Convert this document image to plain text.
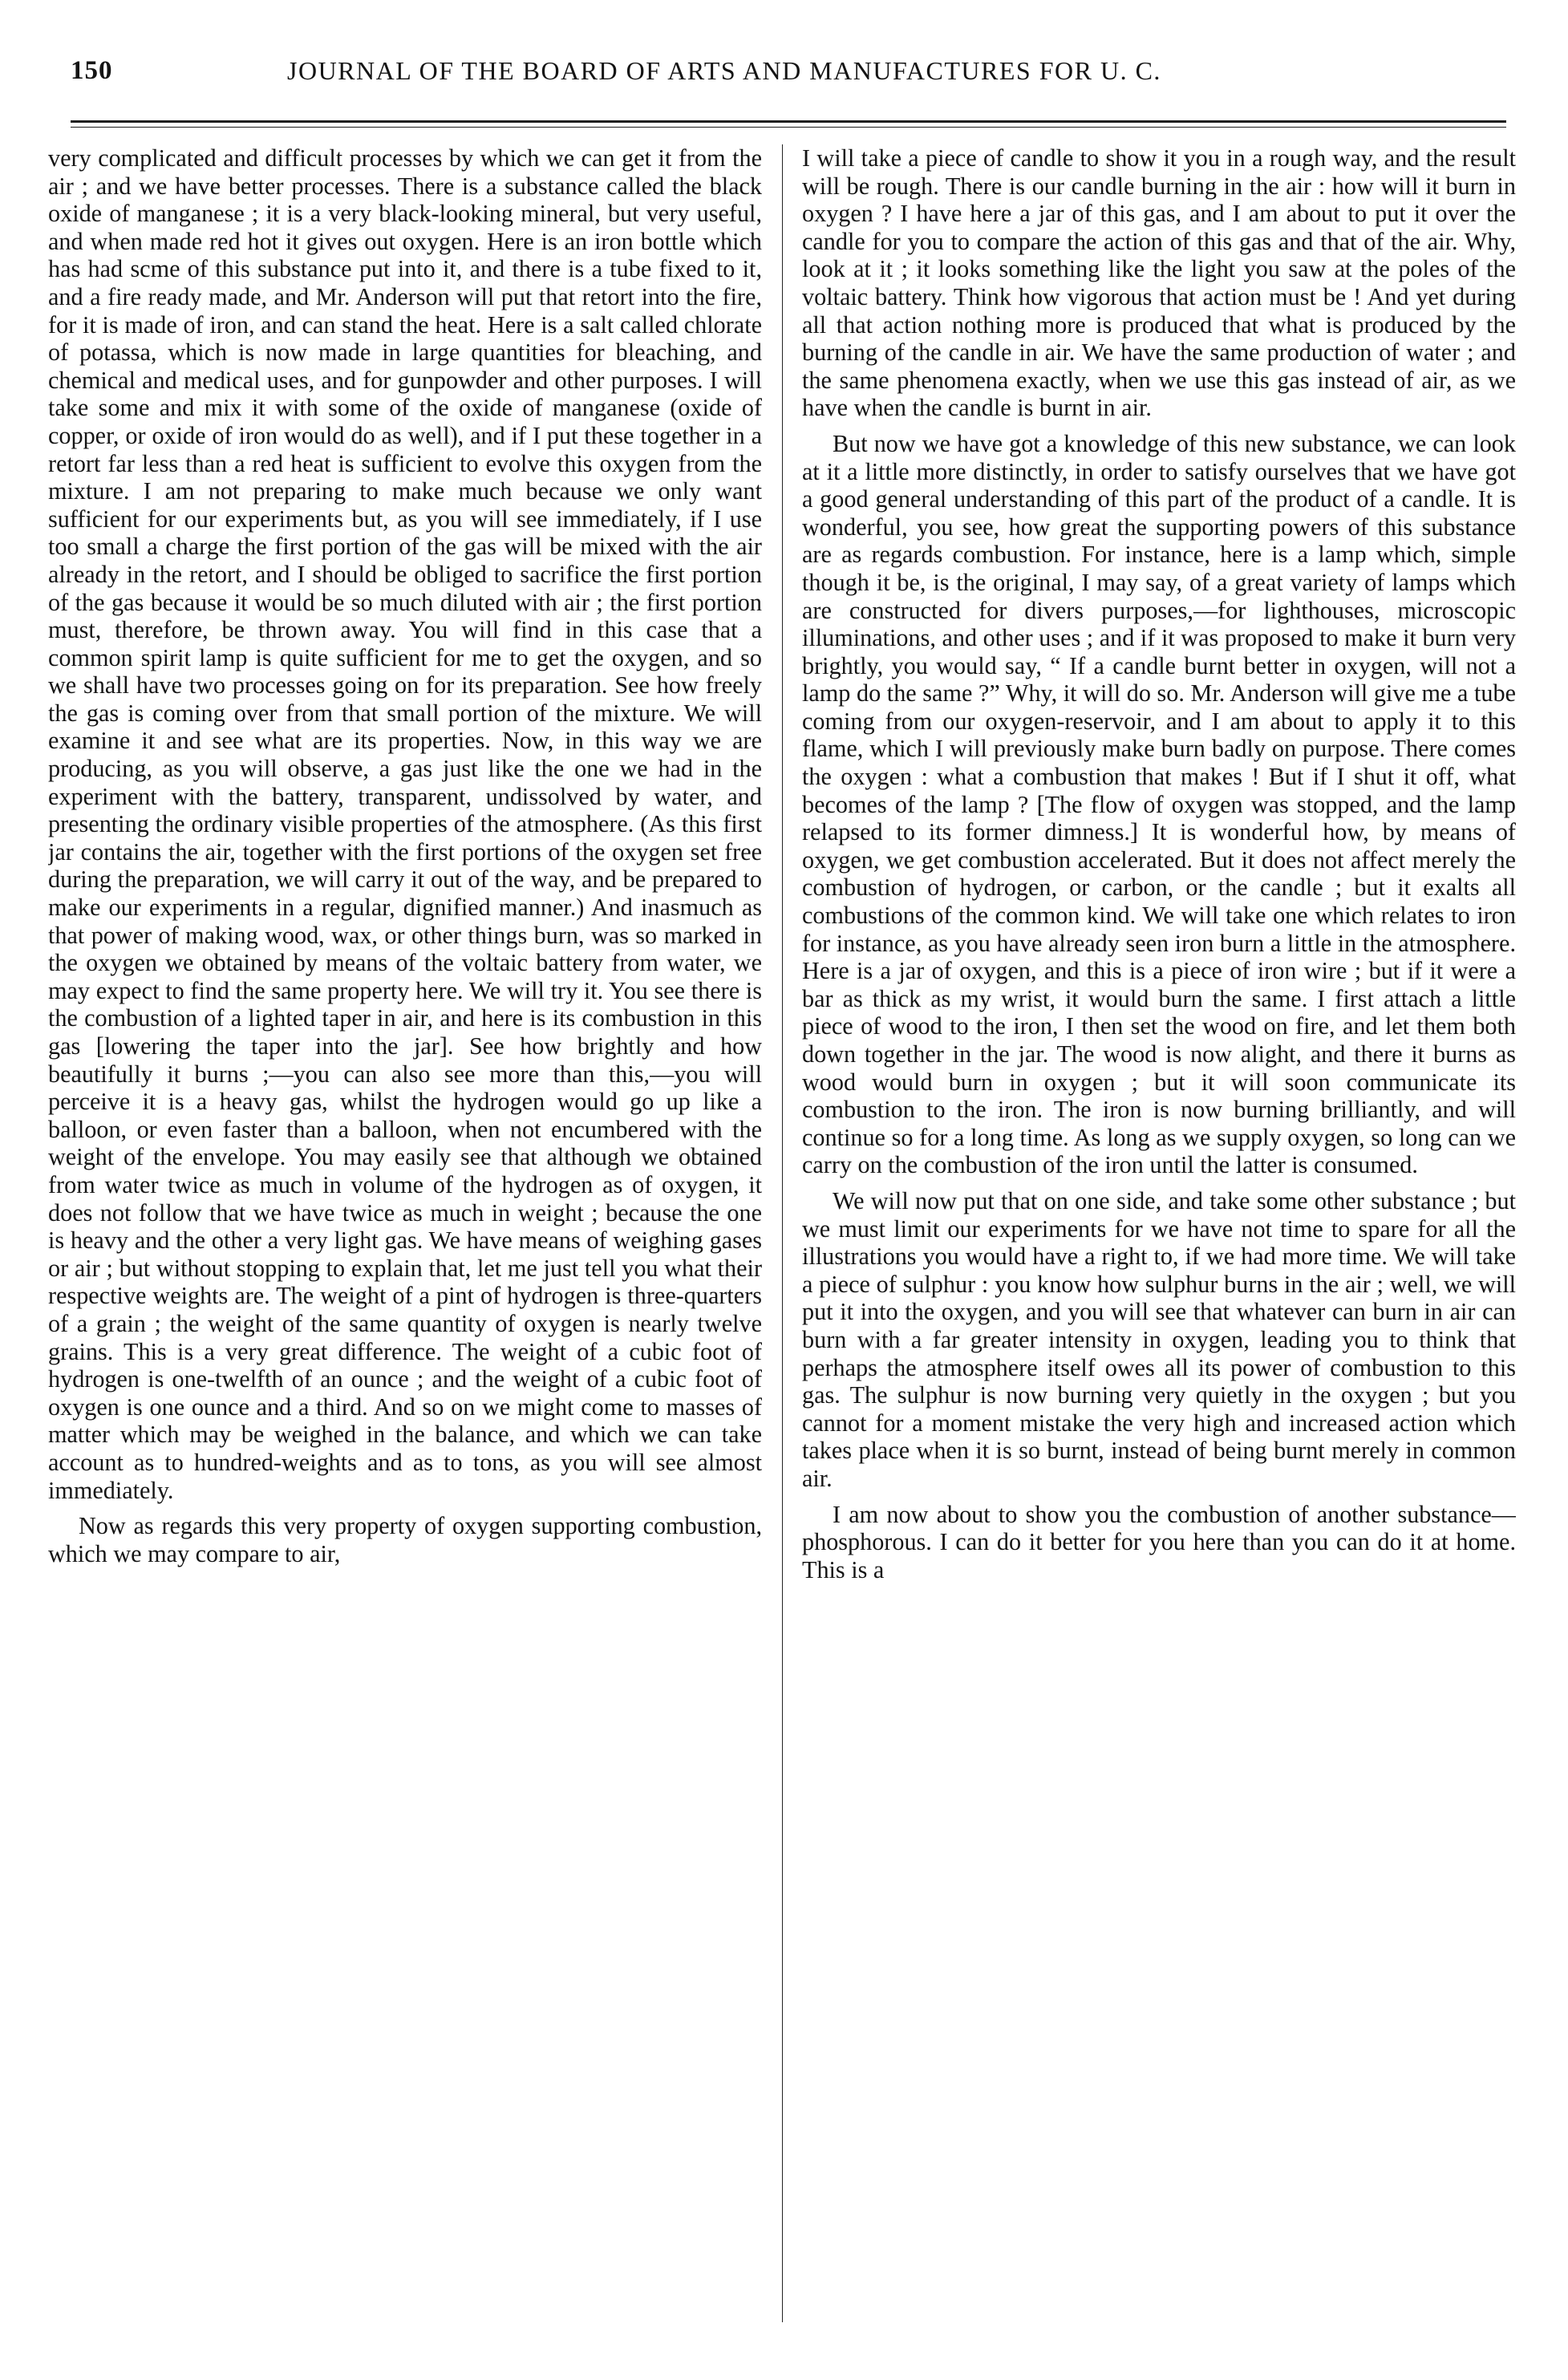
150	JOURNAL OF THE BOARD OF ARTS AND MANUFACTURES FOR U. C.

very complicated and difficult processes by which we can get it from the air ; and we have better processes. There is a substance called the black oxide of manganese ; it is a very black-looking mineral, but very useful, and when made red hot it gives out oxygen. Here is an iron bottle which has had scme of this substance put into it, and there is a tube fixed to it, and a fire ready made, and Mr. Anderson will put that retort into the fire, for it is made of iron, and can stand the heat. Here is a salt called chlorate of potassa, which is now made in large quantities for bleaching, and chemical and medical uses, and for gunpowder and other purposes. I will take some and mix it with some of the oxide of manganese (oxide of copper, or oxide of iron would do as well), and if I put these together in a retort far less than a red heat is sufficient to evolve this oxygen from the mixture. I am not preparing to make much because we only want sufficient for our experiments but, as you will see immediately, if I use too small a charge the first portion of the gas will be mixed with the air already in the retort, and I should be obliged to sacrifice the first portion of the gas because it would be so much diluted with air ; the first portion must, therefore, be thrown away. You will find in this case that a common spirit lamp is quite sufficient for me to get the oxygen, and so we shall have two processes going on for its preparation. See how freely the gas is coming over from that small portion of the mixture. We will examine it and see what are its properties. Now, in this way we are producing, as you will observe, a gas just like the one we had in the experiment with the battery, transparent, undissolved by water, and presenting the ordinary visible properties of the atmosphere. (As this first jar contains the air, together with the first portions of the oxygen set free during the preparation, we will carry it out of the way, and be prepared to make our experiments in a regular, dignified manner.) And inasmuch as that power of making wood, wax, or other things burn, was so marked in the oxygen we obtained by means of the voltaic battery from water, we may expect to find the same property here. We will try it. You see there is the combustion of a lighted taper in air, and here is its combustion in this gas [lowering the taper into the jar]. See how brightly and how beautifully it burns ;—you can also see more than this,—you will perceive it is a heavy gas, whilst the hydrogen would go up like a balloon, or even faster than a balloon, when not encumbered with the weight of the envelope. You may easily see that although we obtained from water twice as much in volume of the hydrogen as of oxygen, it does not follow that we have twice as much in weight ; because the one is heavy and the other a very light gas. We have means of weighing gases or air ; but without stopping to explain that, let me just tell you what their respective weights are. The weight of a pint of hydrogen is three-quarters of a grain ; the weight of the same quantity of oxygen is nearly twelve grains. This is a very great difference. The weight of a cubic foot of hydrogen is one-twelfth of an ounce ; and the weight of a cubic foot of oxygen is one ounce and a third. And so on we might come to masses of matter which may be weighed in the balance, and which we can take account as to hundred-weights and as to tons, as you will see almost immediately.

Now as regards this very property of oxygen supporting combustion, which we may compare to air,

I will take a piece of candle to show it you in a rough way, and the result will be rough. There is our candle burning in the air : how will it burn in oxygen ? I have here a jar of this gas, and I am about to put it over the candle for you to compare the action of this gas and that of the air. Why, look at it ; it looks something like the light you saw at the poles of the voltaic battery. Think how vigorous that action must be ! And yet during all that action nothing more is produced that what is produced by the burning of the candle in air. We have the same production of water ; and the same phenomena exactly, when we use this gas instead of air, as we have when the candle is burnt in air.

But now we have got a knowledge of this new substance, we can look at it a little more distinctly, in order to satisfy ourselves that we have got a good general understanding of this part of the product of a candle. It is wonderful, you see, how great the supporting powers of this substance are as regards combustion. For instance, here is a lamp which, simple though it be, is the original, I may say, of a great variety of lamps which are constructed for divers purposes,—for lighthouses, microscopic illuminations, and other uses ; and if it was proposed to make it burn very brightly, you would say, “ If a candle burnt better in oxygen, will not a lamp do the same ?” Why, it will do so. Mr. Anderson will give me a tube coming from our oxygen-reservoir, and I am about to apply it to this flame, which I will previously make burn badly on purpose. There comes the oxygen : what a combustion that makes ! But if I shut it off, what becomes of the lamp ? [The flow of oxygen was stopped, and the lamp relapsed to its former dimness.] It is wonderful how, by means of oxygen, we get combustion accelerated. But it does not affect merely the combustion of hydrogen, or carbon, or the candle ; but it exalts all combustions of the common kind. We will take one which relates to iron for instance, as you have already seen iron burn a little in the atmosphere. Here is a jar of oxygen, and this is a piece of iron wire ; but if it were a bar as thick as my wrist, it would burn the same. I first attach a little piece of wood to the iron, I then set the wood on fire, and let them both down together in the jar. The wood is now alight, and there it burns as wood would burn in oxygen ; but it will soon communicate its combustion to the iron. The iron is now burning brilliantly, and will continue so for a long time. As long as we supply oxygen, so long can we carry on the combustion of the iron until the latter is consumed.

We will now put that on one side, and take some other substance ; but we must limit our experiments for we have not time to spare for all the illustrations you would have a right to, if we had more time. We will take a piece of sulphur : you know how sulphur burns in the air ; well, we will put it into the oxygen, and you will see that whatever can burn in air can burn with a far greater intensity in oxygen, leading you to think that perhaps the atmosphere itself owes all its power of combustion to this gas. The sulphur is now burning very quietly in the oxygen ; but you cannot for a moment mistake the very high and increased action which takes place when it is so burnt, instead of being burnt merely in common air.

I am now about to show you the combustion of another substance—phosphorous. I can do it better for you here than you can do it at home. This is a
